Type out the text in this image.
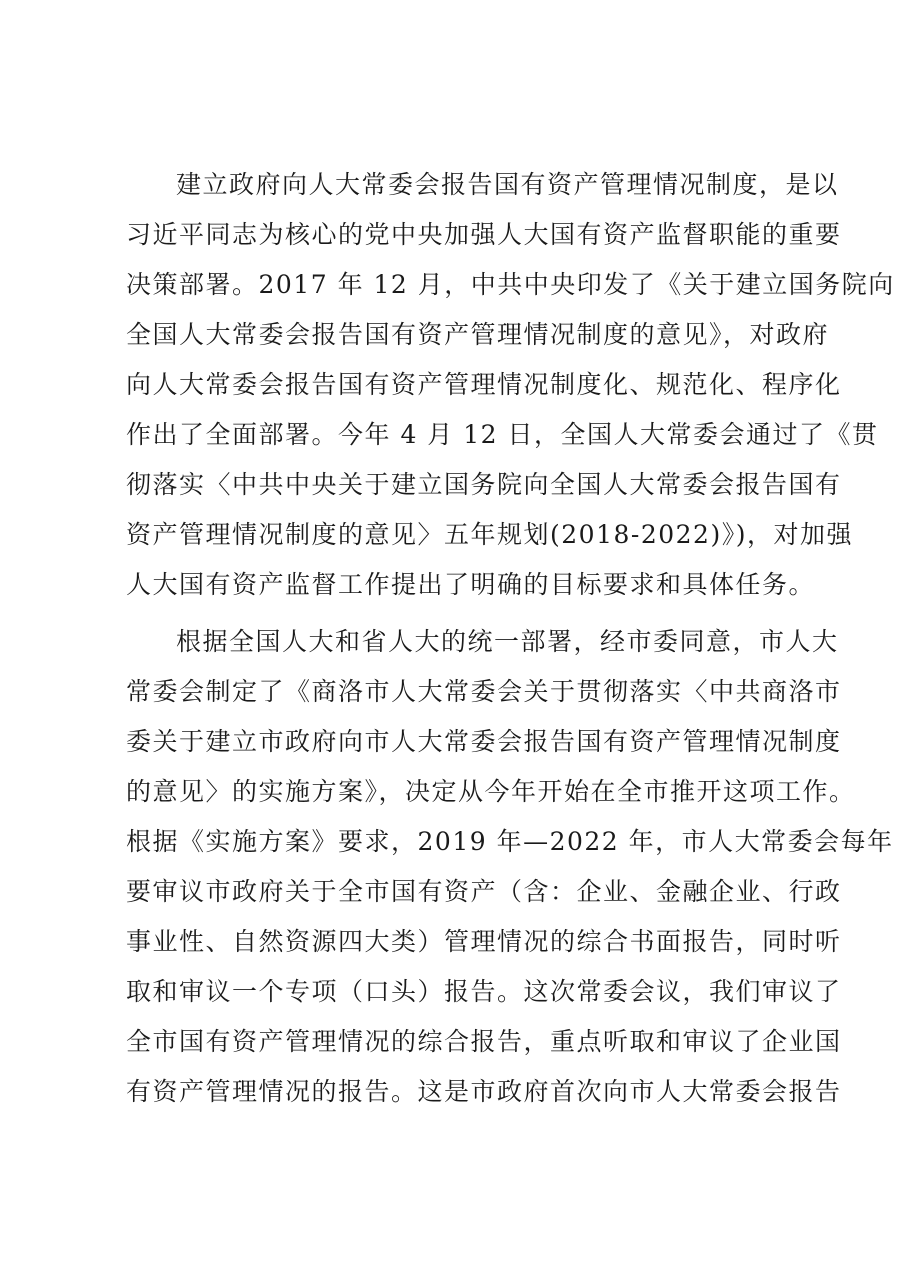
建立政府向人大常委会报告国有资产管理情况制度，是以
习近平同志为核心的党中央加强人大国有资产监督职能的重要
决策部署。2017 年 12 月，中共中央印发了《关于建立国务院向
全国人大常委会报告国有资产管理情况制度的意见》，对政府
向人大常委会报告国有资产管理情况制度化、规范化、程序化
作出了全面部署。今年 4 月 12 日，全国人大常委会通过了《贯
彻落实〈中共中央关于建立国务院向全国人大常委会报告国有
资产管理情况制度的意见〉五年规划(2018-2022)》)，对加强
人大国有资产监督工作提出了明确的目标要求和具体任务。
根据全国人大和省人大的统一部署，经市委同意，市人大
常委会制定了《商洛市人大常委会关于贯彻落实〈中共商洛市
委关于建立市政府向市人大常委会报告国有资产管理情况制度
的意见〉的实施方案》，决定从今年开始在全市推开这项工作。
根据《实施方案》要求，2019 年—2022 年，市人大常委会每年
要审议市政府关于全市国有资产（含：企业、金融企业、行政
事业性、自然资源四大类）管理情况的综合书面报告，同时听
取和审议一个专项（口头）报告。这次常委会议，我们审议了
全市国有资产管理情况的综合报告，重点听取和审议了企业国
有资产管理情况的报告。这是市政府首次向市人大常委会报告
